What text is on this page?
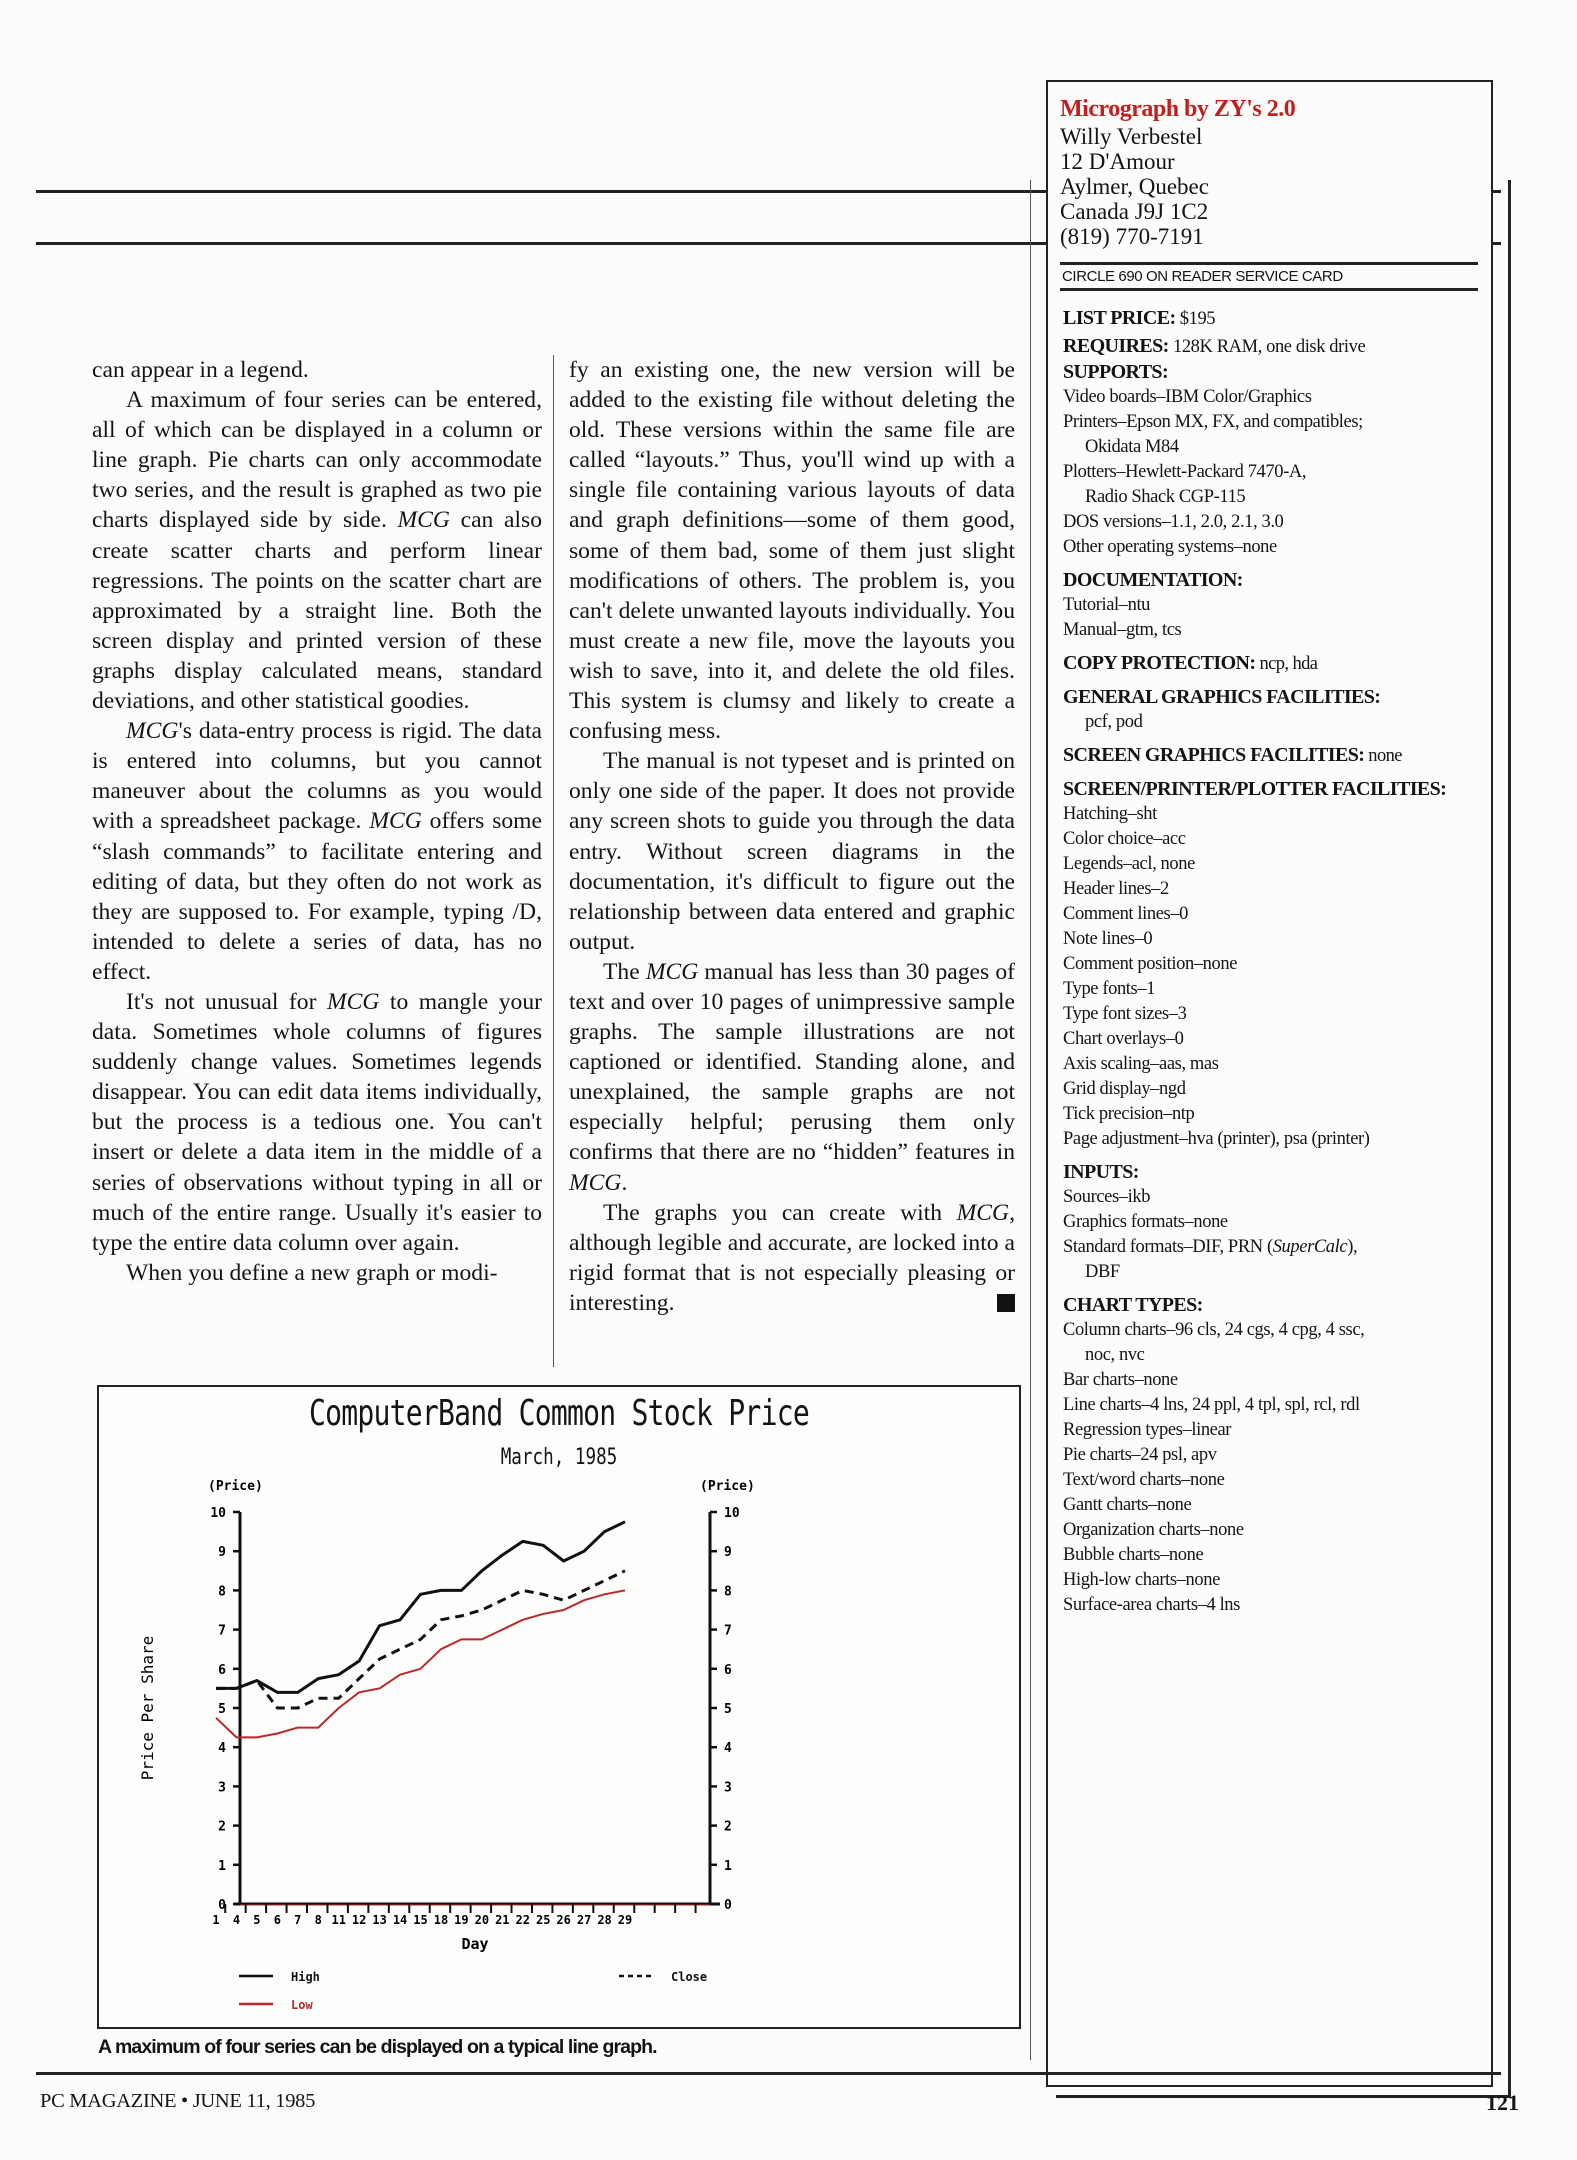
can appear in a legend.

A maximum of four series can be entered, all of which can be displayed in a column or line graph. Pie charts can only accommodate two series, and the result is graphed as two pie charts displayed side by side. MCG can also create scatter charts and perform linear regressions. The points on the scatter chart are approximated by a straight line. Both the screen display and printed version of these graphs display calculated means, standard deviations, and other statistical goodies.

MCG's data-entry process is rigid. The data is entered into columns, but you cannot maneuver about the columns as you would with a spreadsheet package. MCG offers some “slash commands” to facilitate entering and editing of data, but they often do not work as they are supposed to. For example, typing /D, intended to delete a series of data, has no effect.

It's not unusual for MCG to mangle your data. Sometimes whole columns of figures suddenly change values. Sometimes legends disappear. You can edit data items individually, but the process is a tedious one. You can't insert or delete a data item in the middle of a series of observations without typing in all or much of the entire range. Usually it's easier to type the entire data column over again.

When you define a new graph or modi-

fy an existing one, the new version will be added to the existing file without deleting the old. These versions within the same file are called “layouts.” Thus, you'll wind up with a single file containing various layouts of data and graph definitions—some of them good, some of them bad, some of them just slight modifications of others. The problem is, you can't delete unwanted layouts individually. You must create a new file, move the layouts you wish to save, into it, and delete the old files. This system is clumsy and likely to create a confusing mess.

The manual is not typeset and is printed on only one side of the paper. It does not provide any screen shots to guide you through the data entry. Without screen diagrams in the documentation, it's difficult to figure out the relationship between data entered and graphic output.

The MCG manual has less than 30 pages of text and over 10 pages of unimpressive sample graphs. The sample illustrations are not captioned or identified. Standing alone, and unexplained, the sample graphs are not especially helpful; perusing them only confirms that there are no “hidden” features in MCG.

The graphs you can create with MCG, although legible and accurate, are locked into a rigid format that is not especially pleasing or interesting.

Micrograph by ZY's 2.0
Willy Verbestel
12 D'Amour
Aylmer, Quebec
Canada J9J 1C2
(819) 770-7191
CIRCLE 690 ON READER SERVICE CARD
LIST PRICE: $195
REQUIRES: 128K RAM, one disk drive
SUPPORTS:
Video boards–IBM Color/Graphics
Printers–Epson MX, FX, and compatibles;
Okidata M84
Plotters–Hewlett-Packard 7470-A,
Radio Shack CGP-115
DOS versions–1.1, 2.0, 2.1, 3.0
Other operating systems–none
DOCUMENTATION:
Tutorial–ntu
Manual–gtm, tcs
COPY PROTECTION: ncp, hda
GENERAL GRAPHICS FACILITIES:
pcf, pod
SCREEN GRAPHICS FACILITIES: none
SCREEN/PRINTER/PLOTTER FACILITIES:
Hatching–sht
Color choice–acc
Legends–acl, none
Header lines–2
Comment lines–0
Note lines–0
Comment position–none
Type fonts–1
Type font sizes–3
Chart overlays–0
Axis scaling–aas, mas
Grid display–ngd
Tick precision–ntp
Page adjustment–hva (printer), psa (printer)
INPUTS:
Sources–ikb
Graphics formats–none
Standard formats–DIF, PRN (SuperCalc),
DBF
CHART TYPES:
Column charts–96 cls, 24 cgs, 4 cpg, 4 ssc,
noc, nvc
Bar charts–none
Line charts–4 lns, 24 ppl, 4 tpl, spl, rcl, rdl
Regression types–linear
Pie charts–24 psl, apv
Text/word charts–none
Gantt charts–none
Organization charts–none
Bubble charts–none
High-low charts–none
Surface-area charts–4 lns
ComputerBand Common Stock Price
March, 1985
0	0
1	1
2	2
3	3
4	4
5	5
6	6
7	7
8	8
9	9
10	10
(Price)	(Price)
Price Per Share
1 4 5 6 7 8 11 12 13 14 15 18 19 20 21 22 25 26 27 28 29
Day
High	Close
Low
A maximum of four series can be displayed on a typical line graph.
PC MAGAZINE • JUNE 11, 1985	121
